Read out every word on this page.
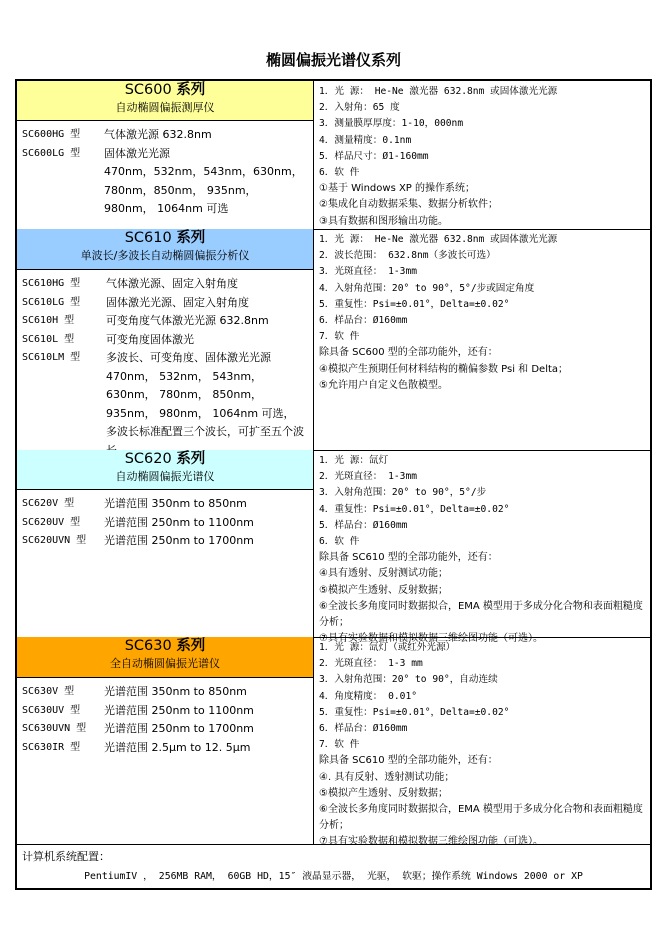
椭圆偏振光谱仪系列
SC600 系列
自动椭圆偏振测厚仪
SC600HG 型	气体激光源 632.8nm
SC600LG 型	固体激光光源
470nm，532nm，543nm，630nm，780nm，850nm， 935nm， 980nm， 1064nm 可选
1．光 源： He-Ne 激光器 632.8nm 或固体激光光源
2．入射角：65 度
3．测量膜厚厚度：1-10，000nm
4．测量精度：0.1nm
5．样品尺寸：Ø1-160mm
6．软 件
①基于 Windows XP 的操作系统；
②集成化自动数据采集、数据分析软件；
③具有数据和图形输出功能。
SC610 系列
单波长/多波长自动椭圆偏振分析仪
SC610HG 型	气体激光源、固定入射角度
SC610LG 型	固体激光光源、固定入射角度
SC610H 型	可变角度气体激光光源 632.8nm
SC610L 型	可变角度固体激光
SC610LM 型	多波长、可变角度、固体激光光源
470nm， 532nm， 543nm， 630nm， 780nm， 850nm， 935nm， 980nm， 1064nm 可选，多波长标准配置三个波长，可扩至五个波
1．光 源： He-Ne 激光器 632.8nm 或固体激光光源
2．波长范围： 632.8nm（多波长可选）
3．光斑直径： 1-3mm
4．入射角范围：20° to 90°，5°/步或固定角度
5．重复性：Psi=±0.01°，Delta=±0.02°
6．样品台：Ø160mm
7．软 件
除具备 SC600 型的全部功能外，还有：
④模拟产生预期任何材料结构的椭偏参数 Psi 和 Delta；
⑤允许用户自定义色散模型。
SC620 系列
自动椭圆偏振光谱仪
SC620V 型	光谱范围 350nm to 850nm
SC620UV 型	光谱范围 250nm to 1100nm
SC620UVN 型	光谱范围 250nm to 1700nm
1．光 源：氙灯
2．光斑直径： 1-3mm
3．入射角范围：20° to 90°，5°/步
4．重复性：Psi=±0.01°，Delta=±0.02°
5．样品台：Ø160mm
6．软 件
除具备 SC610 型的全部功能外，还有：
④具有透射、反射测试功能；
⑤模拟产生透射、反射数据；
⑥全波长多角度同时数据拟合，EMA 模型用于多成分化合物和表面粗糙度分析；
⑦具有实验数据和模拟数据三维绘图功能（可选）。
SC630 系列
全自动椭圆偏振光谱仪
SC630V 型	光谱范围 350nm to 850nm
SC630UV 型	光谱范围 250nm to 1100nm
SC630UVN 型	光谱范围 250nm to 1700nm
SC630IR 型	光谱范围 2.5µm to 12. 5µm
1．光 源：氙灯（或红外光源）
2．光斑直径： 1-3 mm
3．入射角范围：20° to 90°，自动连续
4．角度精度： 0.01°
5．重复性：Psi=±0.01°，Delta=±0.02°
6．样品台：Ø160mm
7．软 件
除具备 SC610 型的全部功能外，还有：
④. 具有反射、透射测试功能；
⑤模拟产生透射、反射数据；
⑥全波长多角度同时数据拟合，EMA 模型用于多成分化合物和表面粗糙度分析；
⑦具有实验数据和模拟数据三维绘图功能（可选）。
计算机系统配置：
PentiumIV ， 256MB RAM， 60GB HD，15″ 液晶显示器， 光驱， 软驱；操作系统 Windows 2000 or XP
